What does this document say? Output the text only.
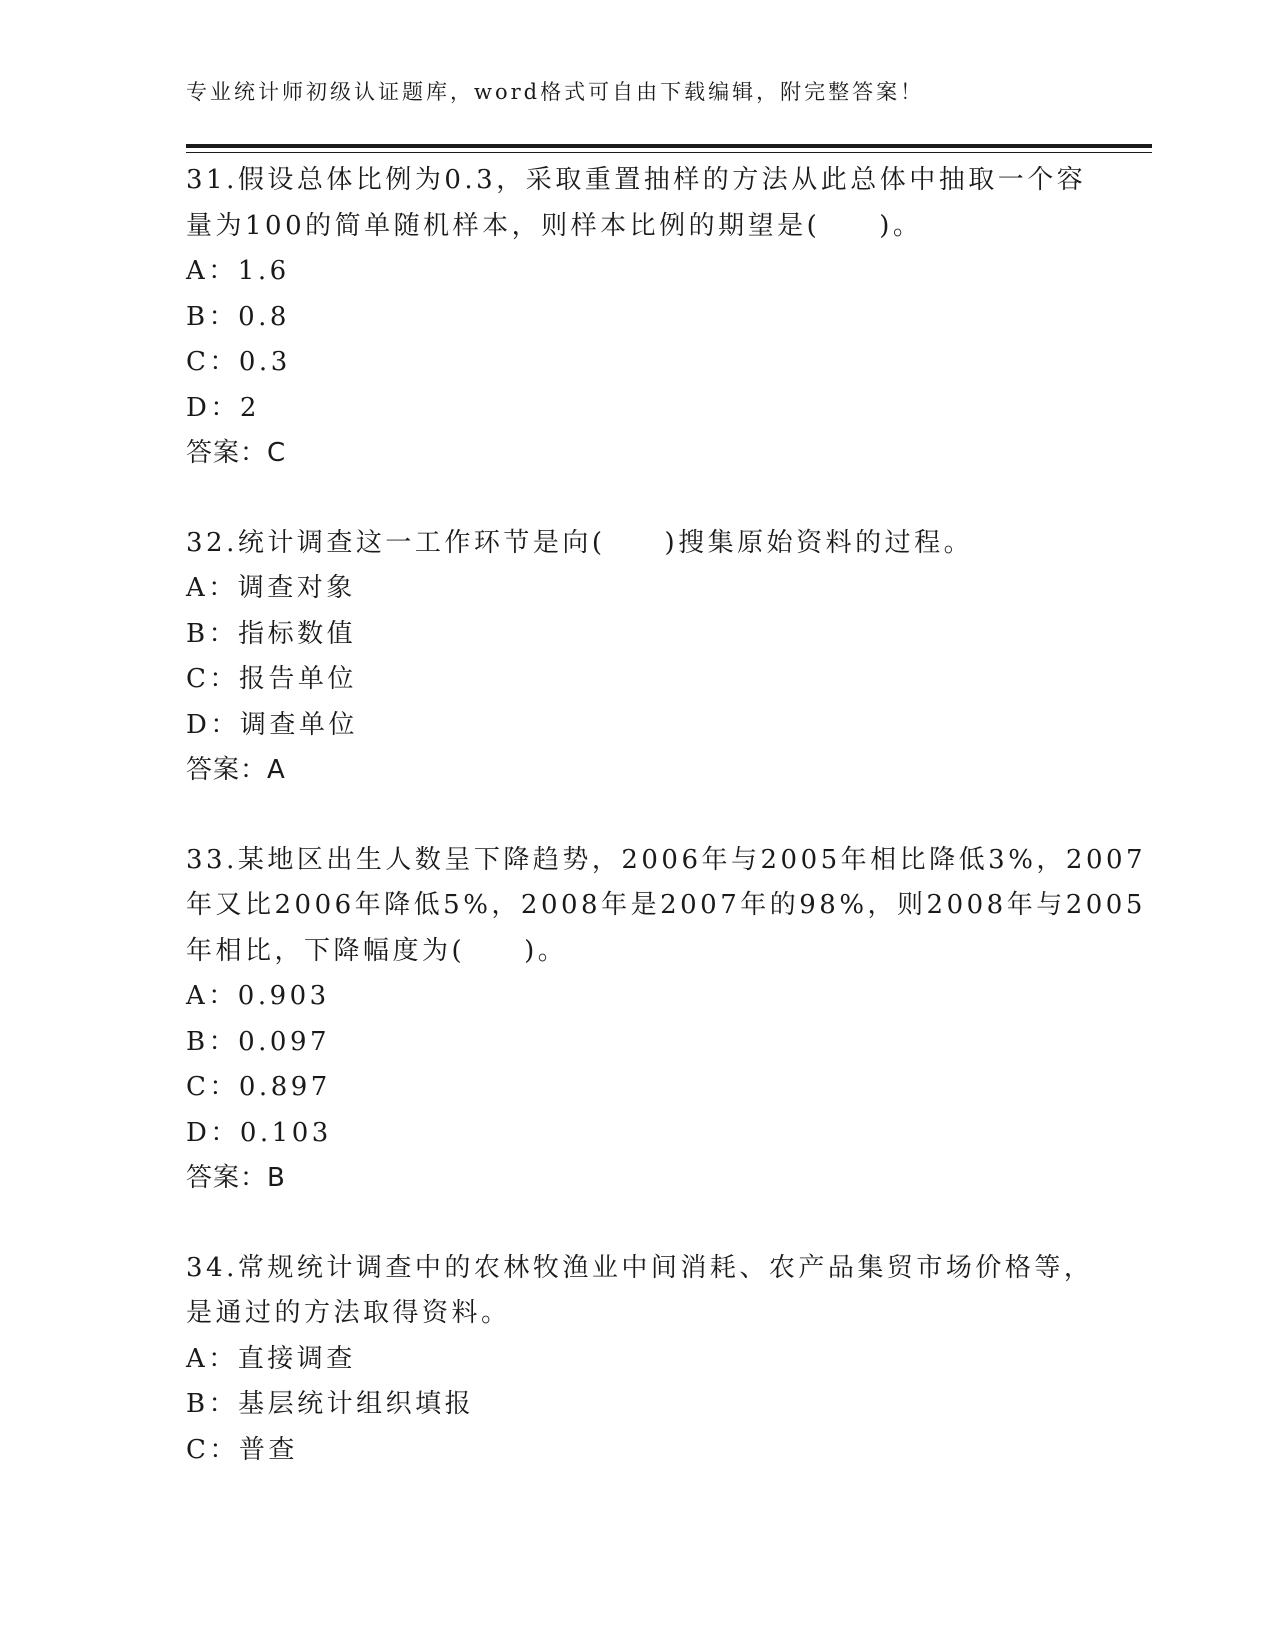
专业统计师初级认证题库，word格式可自由下载编辑，附完整答案！
31.假设总体比例为0.3，采取重置抽样的方法从此总体中抽取一个容
量为100的简单随机样本，则样本比例的期望是(　　)。
A：1.6
B：0.8
C：0.3
D：2
答案：C
32.统计调查这一工作环节是向(　　)搜集原始资料的过程。
A：调查对象
B：指标数值
C：报告单位
D：调查单位
答案：A
33.某地区出生人数呈下降趋势，2006年与2005年相比降低3%，2007
年又比2006年降低5%，2008年是2007年的98%，则2008年与2005
年相比，下降幅度为(　　)。
A：0.903
B：0.097
C：0.897
D：0.103
答案：B
34.常规统计调查中的农林牧渔业中间消耗、农产品集贸市场价格等，
是通过的方法取得资料。
A：直接调查
B：基层统计组织填报
C：普查
